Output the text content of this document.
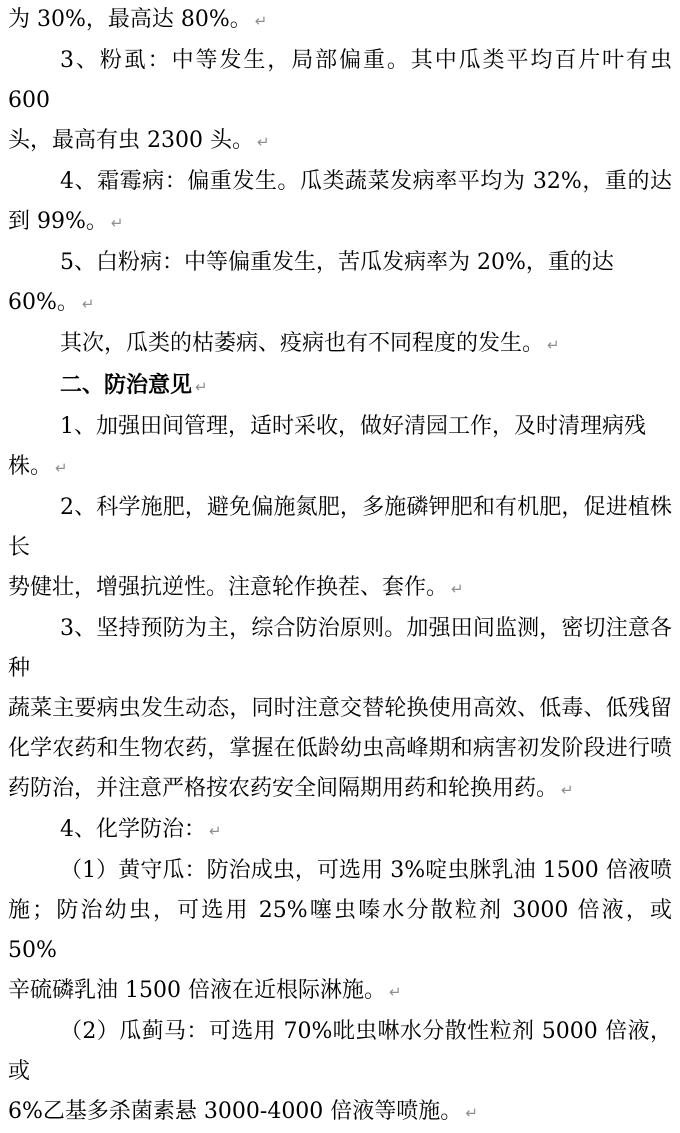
为 30%，最高达 80%。 ↵
3、粉虱：中等发生，局部偏重。其中瓜类平均百片叶有虫 600
头，最高有虫 2300 头。 ↵
4、霜霉病：偏重发生。瓜类蔬菜发病率平均为 32%，重的达
到 99%。 ↵
5、白粉病：中等偏重发生，苦瓜发病率为 20%，重的达 60%。 ↵
其次，瓜类的枯萎病、疫病也有不同程度的发生。 ↵
二、防治意见 ↵
1、加强田间管理，适时采收，做好清园工作，及时清理病残株。 ↵
2、科学施肥，避免偏施氮肥，多施磷钾肥和有机肥，促进植株长
势健壮，增强抗逆性。注意轮作换茬、套作。 ↵
3、坚持预防为主，综合防治原则。加强田间监测，密切注意各种
蔬菜主要病虫发生动态，同时注意交替轮换使用高效、低毒、低残留
化学农药和生物农药，掌握在低龄幼虫高峰期和病害初发阶段进行喷
药防治，并注意严格按农药安全间隔期用药和轮换用药。 ↵
4、化学防治： ↵
（1）黄守瓜：防治成虫，可选用 3%啶虫脒乳油 1500 倍液喷
施；防治幼虫，可选用 25%噻虫嗪水分散粒剂 3000 倍液，或 50%
辛硫磷乳油 1500 倍液在近根际淋施。 ↵
（2）瓜蓟马：可选用 70%吡虫啉水分散性粒剂 5000 倍液，或
6%乙基多杀菌素悬 3000-4000 倍液等喷施。 ↵
